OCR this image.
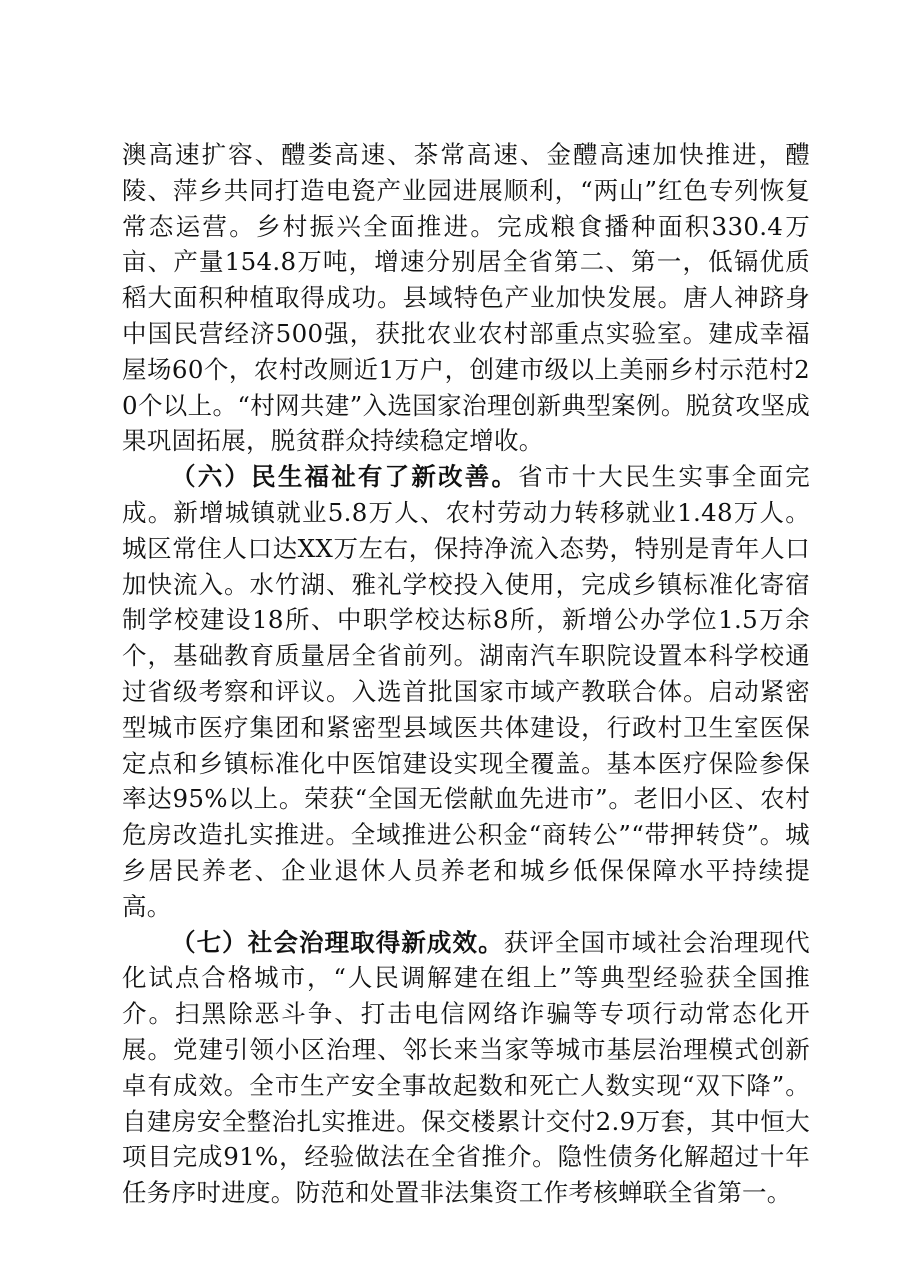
澳高速扩容、醴娄高速、茶常高速、金醴高速加快推进，醴陵、萍乡共同打造电瓷产业园进展顺利，“两山”红色专列恢复常态运营。乡村振兴全面推进。完成粮食播种面积330.4万亩、产量154.8万吨，增速分别居全省第二、第一，低镉优质稻大面积种植取得成功。县域特色产业加快发展。唐人神跻身中国民营经济500强，获批农业农村部重点实验室。建成幸福屋场60个，农村改厕近1万户，创建市级以上美丽乡村示范村20个以上。“村网共建”入选国家治理创新典型案例。脱贫攻坚成果巩固拓展，脱贫群众持续稳定增收。

（六）民生福祉有了新改善。省市十大民生实事全面完成。新增城镇就业5.8万人、农村劳动力转移就业1.48万人。城区常住人口达XX万左右，保持净流入态势，特别是青年人口加快流入。水竹湖、雅礼学校投入使用，完成乡镇标准化寄宿制学校建设18所、中职学校达标8所，新增公办学位1.5万余个，基础教育质量居全省前列。湖南汽车职院设置本科学校通过省级考察和评议。入选首批国家市域产教联合体。启动紧密型城市医疗集团和紧密型县域医共体建设，行政村卫生室医保定点和乡镇标准化中医馆建设实现全覆盖。基本医疗保险参保率达95%以上。荣获“全国无偿献血先进市”。老旧小区、农村危房改造扎实推进。全域推进公积金“商转公”“带押转贷”。城乡居民养老、企业退休人员养老和城乡低保保障水平持续提高。

（七）社会治理取得新成效。获评全国市域社会治理现代化试点合格城市，“人民调解建在组上”等典型经验获全国推介。扫黑除恶斗争、打击电信网络诈骗等专项行动常态化开展。党建引领小区治理、邻长来当家等城市基层治理模式创新卓有成效。全市生产安全事故起数和死亡人数实现“双下降”。自建房安全整治扎实推进。保交楼累计交付2.9万套，其中恒大项目完成91%，经验做法在全省推介。隐性债务化解超过十年任务序时进度。防范和处置非法集资工作考核蝉联全省第一。
